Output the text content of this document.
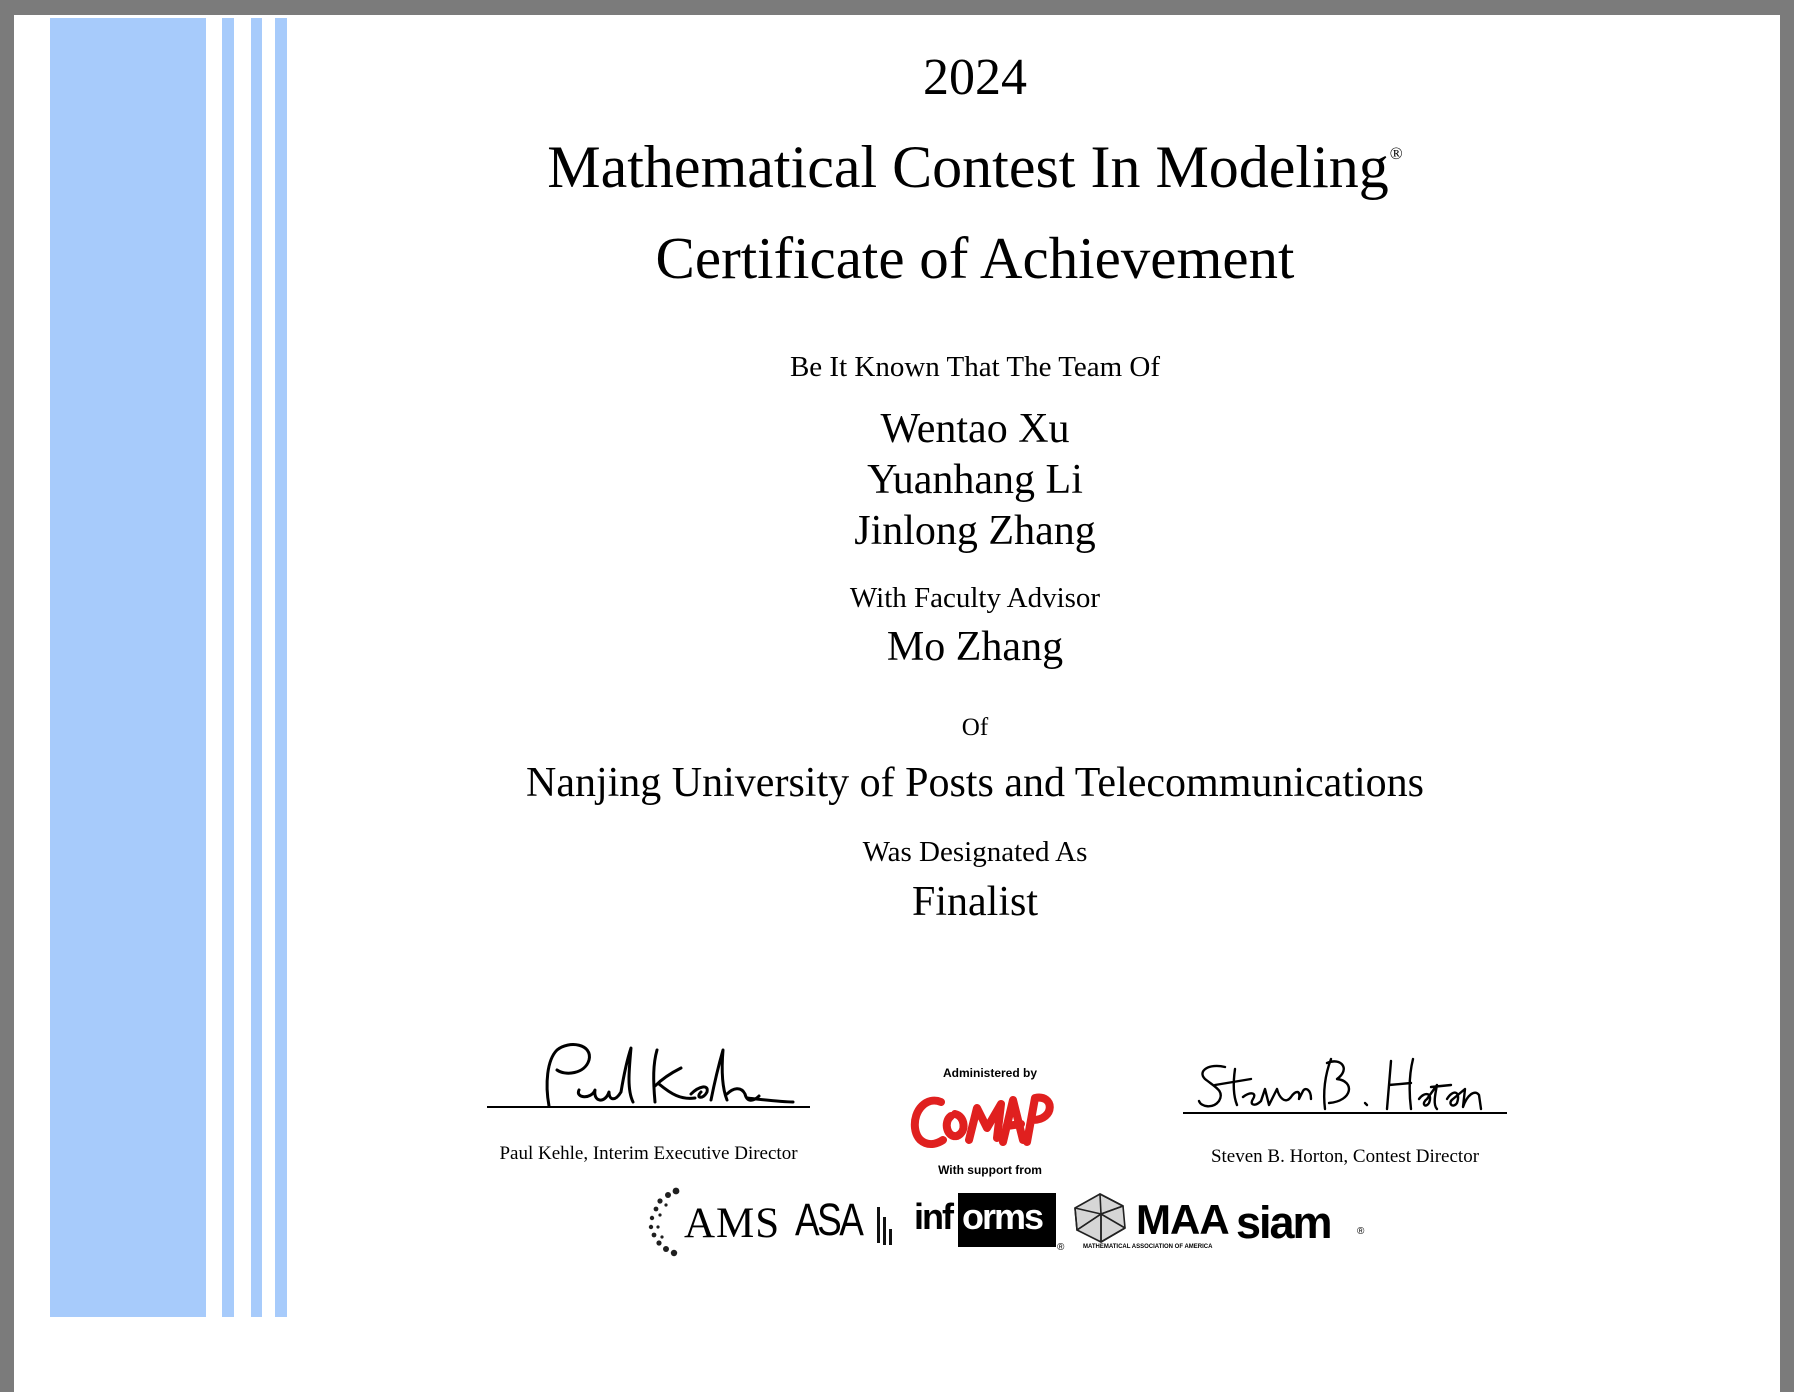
2024
Mathematical Contest In Modeling®
Certificate of Achievement
Be It Known That The Team Of
Wentao Xu
Yuanhang Li
Jinlong Zhang
With Faculty Advisor
Mo Zhang
Of
Nanjing University of Posts and Telecommunications
Was Designated As
Finalist
Paul Kehle, Interim Executive Director	Steven B. Horton, Contest Director
Administered by
With support from
AMS ASA inf orms
®
MAA
MATHEMATICAL ASSOCIATION OF AMERICA siam	®
